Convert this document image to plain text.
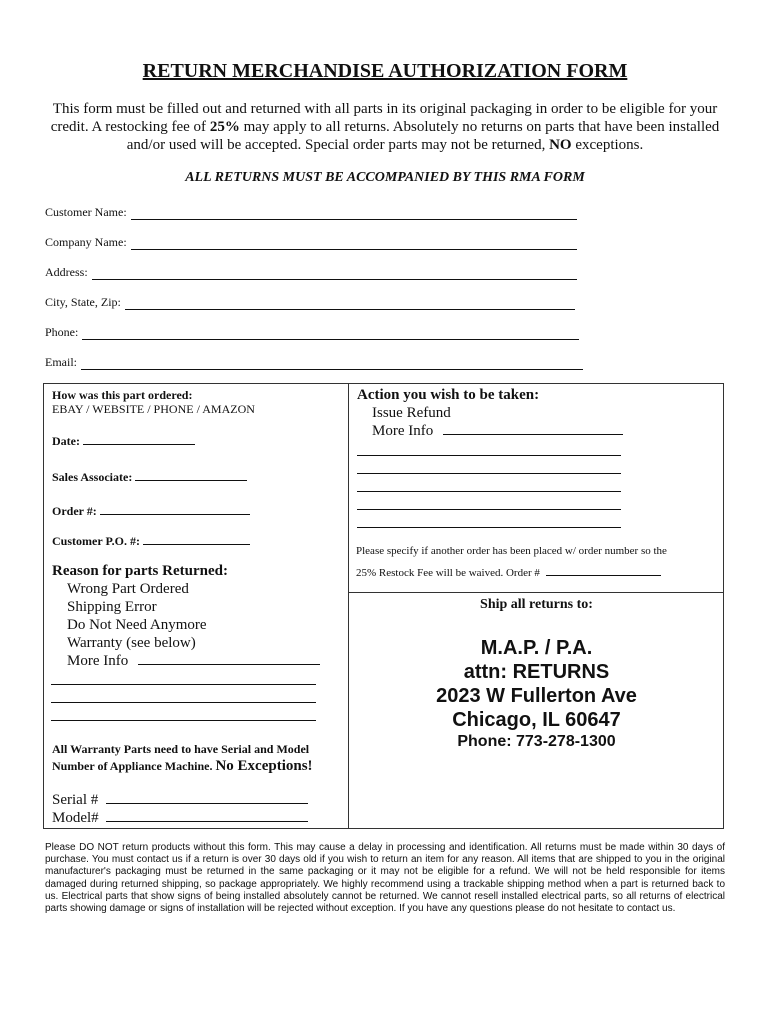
RETURN MERCHANDISE AUTHORIZATION FORM
This form must be filled out and returned with all parts in its original packaging in order to be eligible for your credit. A restocking fee of 25% may apply to all returns. Absolutely no returns on parts that have been installed and/or used will be accepted. Special order parts may not be returned, NO exceptions.
ALL RETURNS MUST BE ACCOMPANIED BY THIS RMA FORM
Customer Name:
Company Name:
Address:
City, State, Zip:
Phone:
Email:
How was this part ordered:
EBAY / WEBSITE / PHONE / AMAZON
Date:
Sales Associate:
Order #:
Customer P.O. #:
Reason for parts Returned:
Wrong Part Ordered
Shipping Error
Do Not Need Anymore
Warranty (see below)
More Info
All Warranty Parts need to have Serial and Model Number of Appliance Machine. No Exceptions!
Serial #
Model#
Action you wish to be taken:
Issue Refund
More Info
Please specify if another order has been placed w/ order number so the
25% Restock Fee will be waived. Order #
Ship all returns to:
M.A.P. / P.A.
attn: RETURNS
2023 W Fullerton Ave
Chicago, IL 60647
Phone: 773-278-1300
Please DO NOT return products without this form. This may cause a delay in processing and identification. All returns must be made within 30 days of purchase. You must contact us if a return is over 30 days old if you wish to return an item for any reason. All items that are shipped to you in the original manufacturer's packaging must be returned in the same packaging or it may not be eligible for a refund. We will not be held responsible for items damaged during returned shipping, so package appropriately. We highly recommend using a trackable shipping method when a part is returned back to us. Electrical parts that show signs of being installed absolutely cannot be returned. We cannot resell installed electrical parts, so all returns of electrical parts showing damage or signs of installation will be rejected without exception. If you have any questions please do not hesitate to contact us.
